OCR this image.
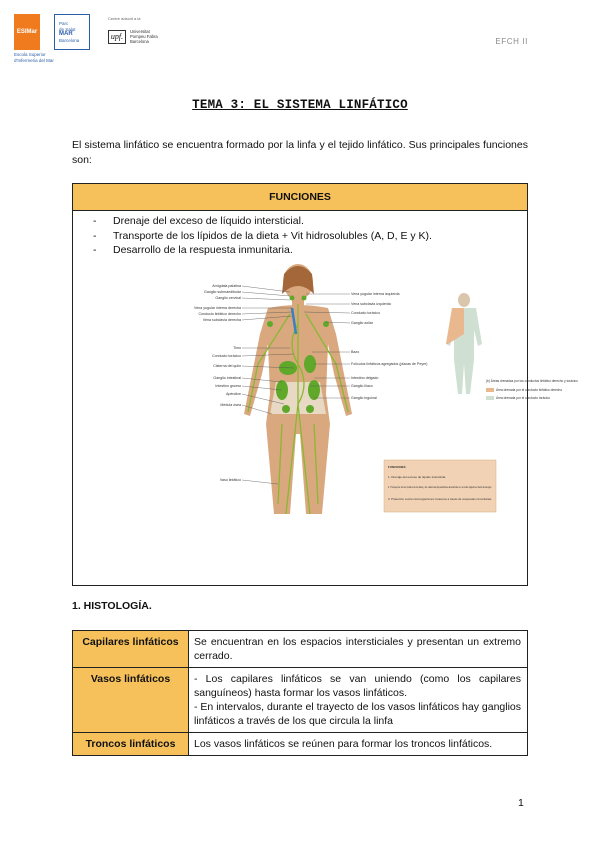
ESIMar
Parc
de Salut
MAR
Barcelona
Escola Superior
d'Infermeria del Mar
Centre adscrit a la
upf.
Universitat
Pompeu Fabra
Barcelona	EFCH II
TEMA 3: EL SISTEMA LINFÁTICO

El sistema linfático se encuentra formado por la linfa y el tejido linfático. Sus principales funciones son:

FUNCIONES
-	Drenaje del exceso de líquido intersticial.
-	Transporte de los lípidos de la dieta + Vit hidrosolubles (A, D, E y K).
-	Desarrollo de la respuesta inmunitaria.
Amígdala palatina
Ganglio submandibular
Ganglio cervical
Vena yugular interna derecha
Conducto linfático derecho
Vena subclavia derecha
Timo
Conducto torácico
Cisterna del quilo
Ganglio intestinal
Intestino grueso
Apéndice
Médula ósea
Vaso linfático
Vena yugular interna izquierda
Vena subclavia izquierda
Conducto torácico
Ganglio axilar
Bazo
Folículos linfáticos agregados (placas de Peyer)
Intestino delgado
Ganglio ilíaco
Ganglio inguinal
(b) Áreas drenadas por los conductos linfático derecho y torácico
Área drenada por el conducto linfático derecho
Área drenada por el conducto torácico
FUNCIONES
1. Drenaje del exceso de líquido intersticial.
2. Transporte de los lípidos de la dieta y de vitaminas liposolubles absorbidos en el tubo digestivo hacia la sangre.
3. Protección contra microorganismos invasores a través de respuestas inmunitarias.
1. HISTOLOGÍA.
Capilares linfáticos	Se encuentran en los espacios intersticiales y presentan un extremo cerrado.
Vasos linfáticos	- Los capilares linfáticos se van uniendo (como los capilares sanguíneos) hasta formar los vasos linfáticos.
- En intervalos, durante el trayecto de los vasos linfáticos hay ganglios linfáticos a través de los que circula la linfa

Troncos linfáticos	Los vasos linfáticos se reúnen para formar los troncos linfáticos.
1
